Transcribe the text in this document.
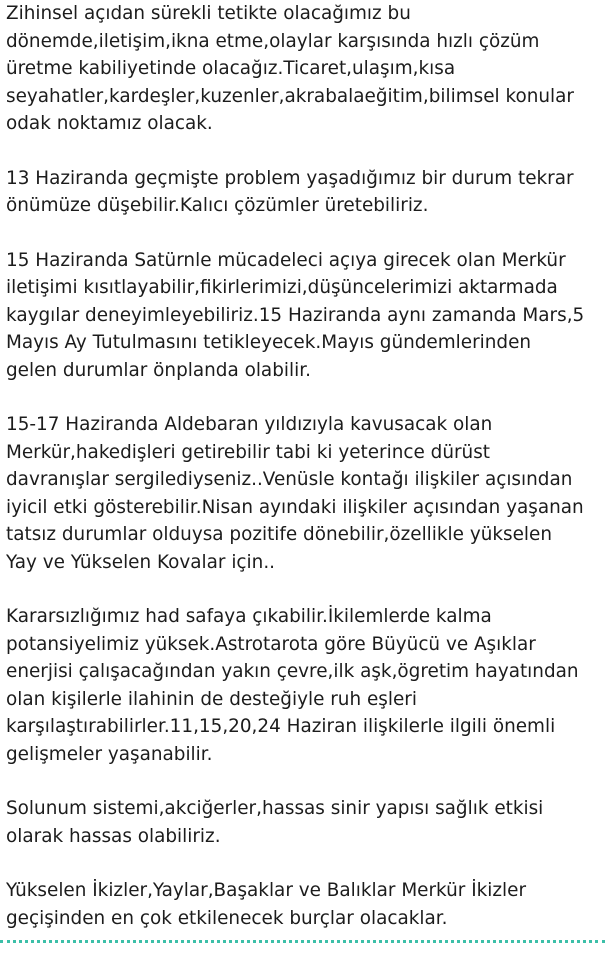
Zihinsel açıdan sürekli tetikte olacağımız bu
dönemde,iletişim,ikna etme,olaylar karşısında hızlı çözüm
üretme kabiliyetinde olacağız.Ticaret,ulaşım,kısa
seyahatler,kardeşler,kuzenler,akrabalaeğitim,bilimsel konular
odak noktamız olacak.
13 Haziranda geçmişte problem yaşadığımız bir durum tekrar
önümüze düşebilir.Kalıcı çözümler üretebiliriz.
15 Haziranda Satürnle mücadeleci açıya girecek olan Merkür
iletişimi kısıtlayabilir,fikirlerimizi,düşüncelerimizi aktarmada
kaygılar deneyimleyebiliriz.15 Haziranda aynı zamanda Mars,5
Mayıs Ay Tutulmasını tetikleyecek.Mayıs gündemlerinden
gelen durumlar önplanda olabilir.
15-17 Haziranda Aldebaran yıldızıyla kavusacak olan
Merkür,hakedişleri getirebilir tabi ki yeterince dürüst
davranışlar sergilediyseniz..Venüsle kontağı ilişkiler açısından
iyicil etki gösterebilir.Nisan ayındaki ilişkiler açısından yaşanan
tatsız durumlar olduysa pozitife dönebilir,özellikle yükselen
Yay ve Yükselen Kovalar için..
Kararsızlığımız had safaya çıkabilir.İkilemlerde kalma
potansiyelimiz yüksek.Astrotarota göre Büyücü ve Aşıklar
enerjisi çalışacağından yakın çevre,ilk aşk,ögretim hayatından
olan kişilerle ilahinin de desteğiyle ruh eşleri
karşılaştırabilirler.11,15,20,24 Haziran ilişkilerle ilgili önemli
gelişmeler yaşanabilir.
Solunum sistemi,akciğerler,hassas sinir yapısı sağlık etkisi
olarak hassas olabiliriz.
Yükselen İkizler,Yaylar,Başaklar ve Balıklar Merkür İkizler
geçişinden en çok etkilenecek burçlar olacaklar.
